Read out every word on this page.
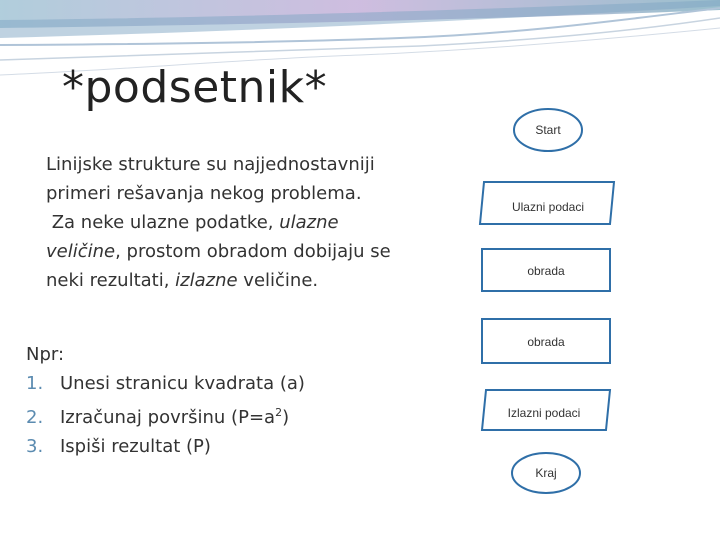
*podsetnik*
Linijske strukture su najjednostavniji
primeri rešavanja nekog problema.
Za neke ulazne podatke, ulazne
veličine, prostom obradom dobijaju se
neki rezultati, izlazne veličine.
Npr:
1. Unesi stranicu kvadrata (a)
2. Izračunaj površinu $(P=a^2)$
3. Ispiši rezultat (P)
Start
Ulazni podaci
obrada
obrada
Izlazni podaci
Kraj
